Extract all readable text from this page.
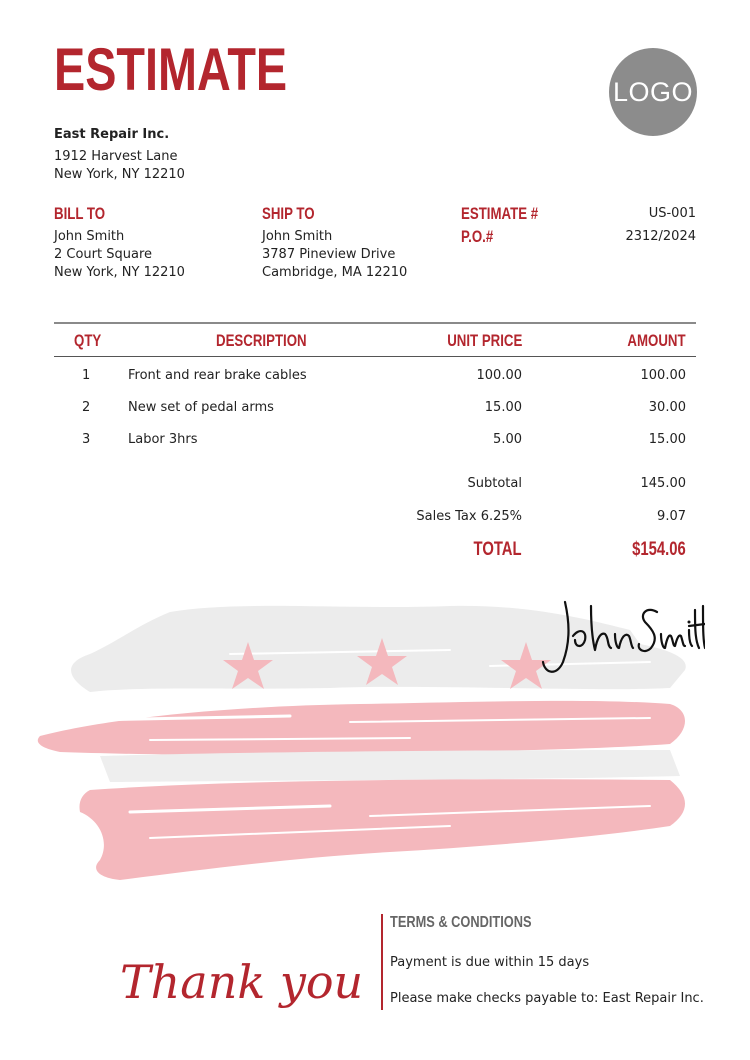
ESTIMATE	LOGO
East Repair Inc.
1912 Harvest Lane
New York, NY 12210
BILL TO
John Smith
2 Court Square
New York, NY 12210
SHIP TO
John Smith
3787 Pineview Drive
Cambridge, MA 12210
ESTIMATE #	US-001
P.O.#	2312/2024
QTY	DESCRIPTION	UNIT PRICE	AMOUNT
1	Front and rear brake cables	100.00	100.00
2	New set of pedal arms	15.00	30.00
3	Labor 3hrs	5.00	15.00
Subtotal	145.00
Sales Tax 6.25%	9.07
TOTAL	$154.06
Thank you
TERMS & CONDITIONS
Payment is due within 15 days
Please make checks payable to: East Repair Inc.
